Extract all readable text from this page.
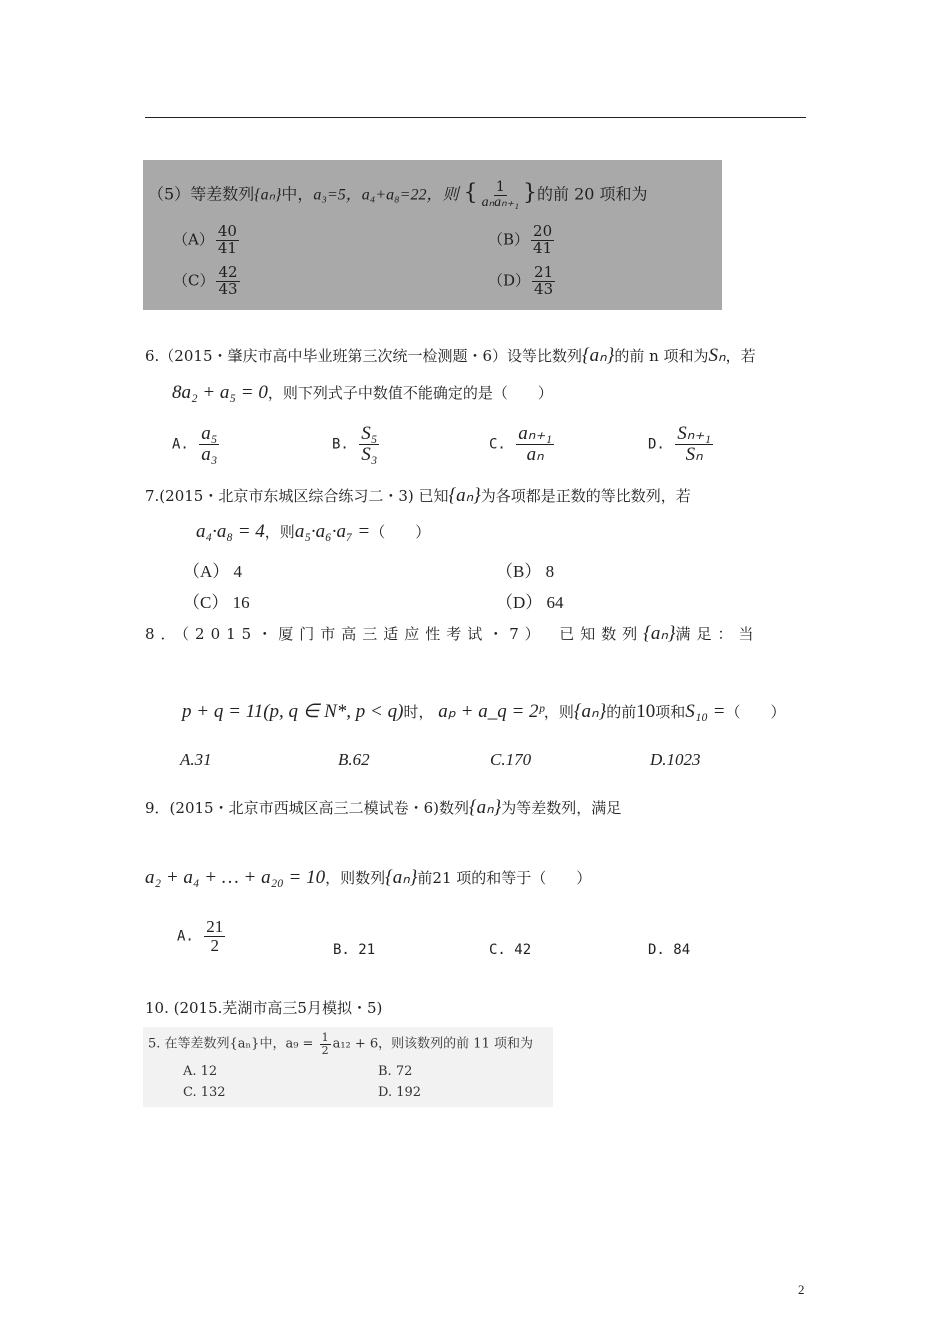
（5）等差数列{aₙ}中，a₃=5，a₄+a₈=22，则 { $\frac{1}{\text{aₙaₙ₊₁}}$ }的前 20 项和为
$(A) \frac{40}{41}$	$(B) \frac{20}{41}$
$(C) \frac{42}{43}$	$(D) \frac{21}{43}$
6.（2015・肇庆市高中毕业班第三次统一检测题・6）设等比数列{aₙ}的前 n 项和为Sₙ，若
8a₂ + a₅ = 0，则下列式子中数值不能确定的是（　　）
A. $\frac{\text{a₅}}{\text{a₃}}$	B. $\frac{\text{S₅}}{\text{S₃}}$	C. $\frac{\text{aₙ₊₁}}{\text{aₙ}}$	D. $\frac{\text{Sₙ₊₁}}{\text{Sₙ}}$
7.(2015・北京市东城区综合练习二・3) 已知{aₙ}为各项都是正数的等比数列，若
a₄·a₈ = 4，则a₅·a₆·a₇ =（　　）
（A） 4	（B） 8
（C） 16	（D） 64
8．（2015・厦门市高三适应性考试・7）　已知数列{aₙ}满足：当
p + q = 11(p, q ∈ N*, p < q)时， aₚ + a_q = 2ᵖ，则{aₙ}的前10项和S₁₀ =（　　）
A.31	B.62	C.170	D.1023
9．(2015・北京市西城区高三二模试卷・6)数列{aₙ}为等差数列，满足
a₂ + a₄ + … + a₂₀ = 10，则数列{aₙ}前21 项的和等于（　　）
A. $\frac{21}{2}$	B. 21	C. 42	D. 84
10. (2015.芜湖市高三5月模拟・5)
5. 在等差数列{aₙ}中，$a_9 = \frac{1}{2} a_{12} + 6$，则该数列的前 11 项和为
A. 12	B. 72
C. 132	D. 192
2
